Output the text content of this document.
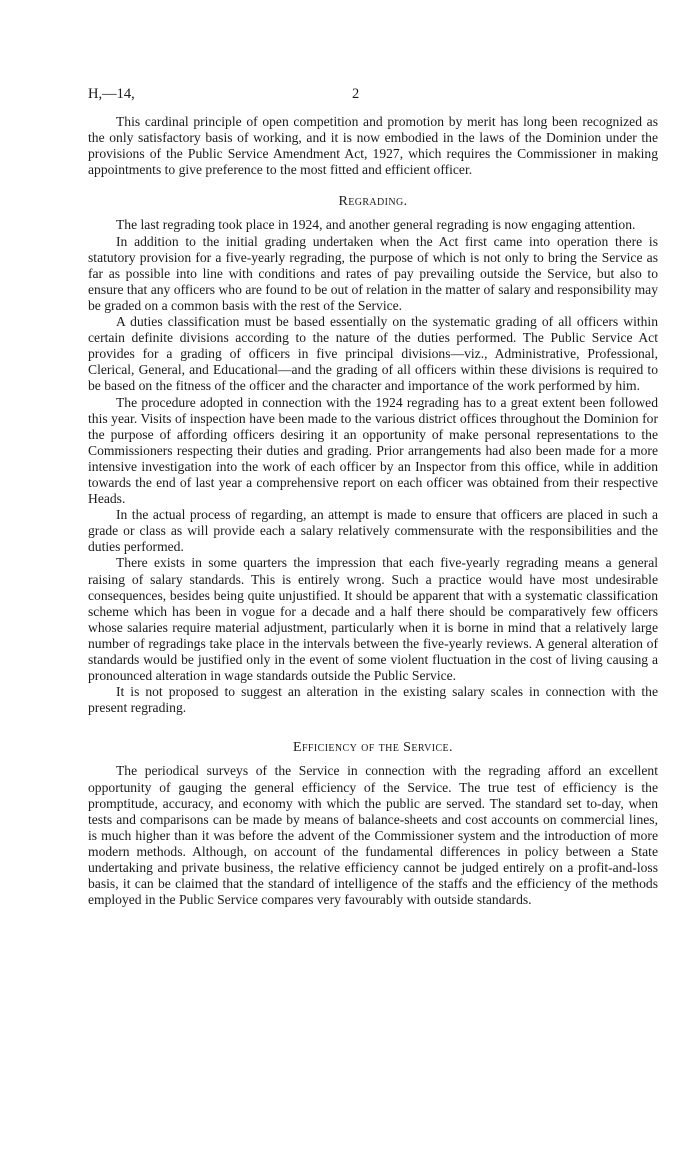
H,—14,	2

This cardinal principle of open competition and promotion by merit has long been recognized as the only satisfactory basis of working, and it is now embodied in the laws of the Dominion under the provisions of the Public Service Amendment Act, 1927, which requires the Commissioner in making appointments to give preference to the most fitted and efficient officer.

Regrading.

The last regrading took place in 1924, and another general regrading is now engaging attention.

In addition to the initial grading undertaken when the Act first came into operation there is statutory provision for a five-yearly regrading, the purpose of which is not only to bring the Service as far as possible into line with conditions and rates of pay prevailing outside the Service, but also to ensure that any officers who are found to be out of relation in the matter of salary and responsibility may be graded on a common basis with the rest of the Service.

A duties classification must be based essentially on the systematic grading of all officers within certain definite divisions according to the nature of the duties performed. The Public Service Act provides for a grading of officers in five principal divisions—viz., Administrative, Professional, Clerical, General, and Educational—and the grading of all officers within these divisions is required to be based on the fitness of the officer and the character and importance of the work performed by him.

The procedure adopted in connection with the 1924 regrading has to a great extent been followed this year. Visits of inspection have been made to the various district offices throughout the Dominion for the purpose of affording officers desiring it an opportunity of make personal representations to the Commissioners respecting their duties and grading. Prior arrangements had also been made for a more intensive investigation into the work of each officer by an Inspector from this office, while in addition towards the end of last year a comprehensive report on each officer was obtained from their respective Heads.

In the actual process of regarding, an attempt is made to ensure that officers are placed in such a grade or class as will provide each a salary relatively commensurate with the responsibilities and the duties performed.

There exists in some quarters the impression that each five-yearly regrading means a general raising of salary standards. This is entirely wrong. Such a practice would have most undesirable consequences, besides being quite unjustified. It should be apparent that with a systematic classification scheme which has been in vogue for a decade and a half there should be comparatively few officers whose salaries require material adjustment, particularly when it is borne in mind that a relatively large number of regradings take place in the intervals between the five-yearly reviews. A general alteration of standards would be justified only in the event of some violent fluctuation in the cost of living causing a pronounced alteration in wage standards outside the Public Service.

It is not proposed to suggest an alteration in the existing salary scales in connection with the present regrading.

Efficiency of the Service.

The periodical surveys of the Service in connection with the regrading afford an excellent opportunity of gauging the general efficiency of the Service. The true test of efficiency is the promptitude, accuracy, and economy with which the public are served. The standard set to-day, when tests and comparisons can be made by means of balance-sheets and cost accounts on commercial lines, is much higher than it was before the advent of the Commissioner system and the introduction of more modern methods. Although, on account of the fundamental differences in policy between a State undertaking and private business, the relative efficiency cannot be judged entirely on a profit-and-loss basis, it can be claimed that the standard of intelligence of the staffs and the efficiency of the methods employed in the Public Service compares very favourably with outside standards.
